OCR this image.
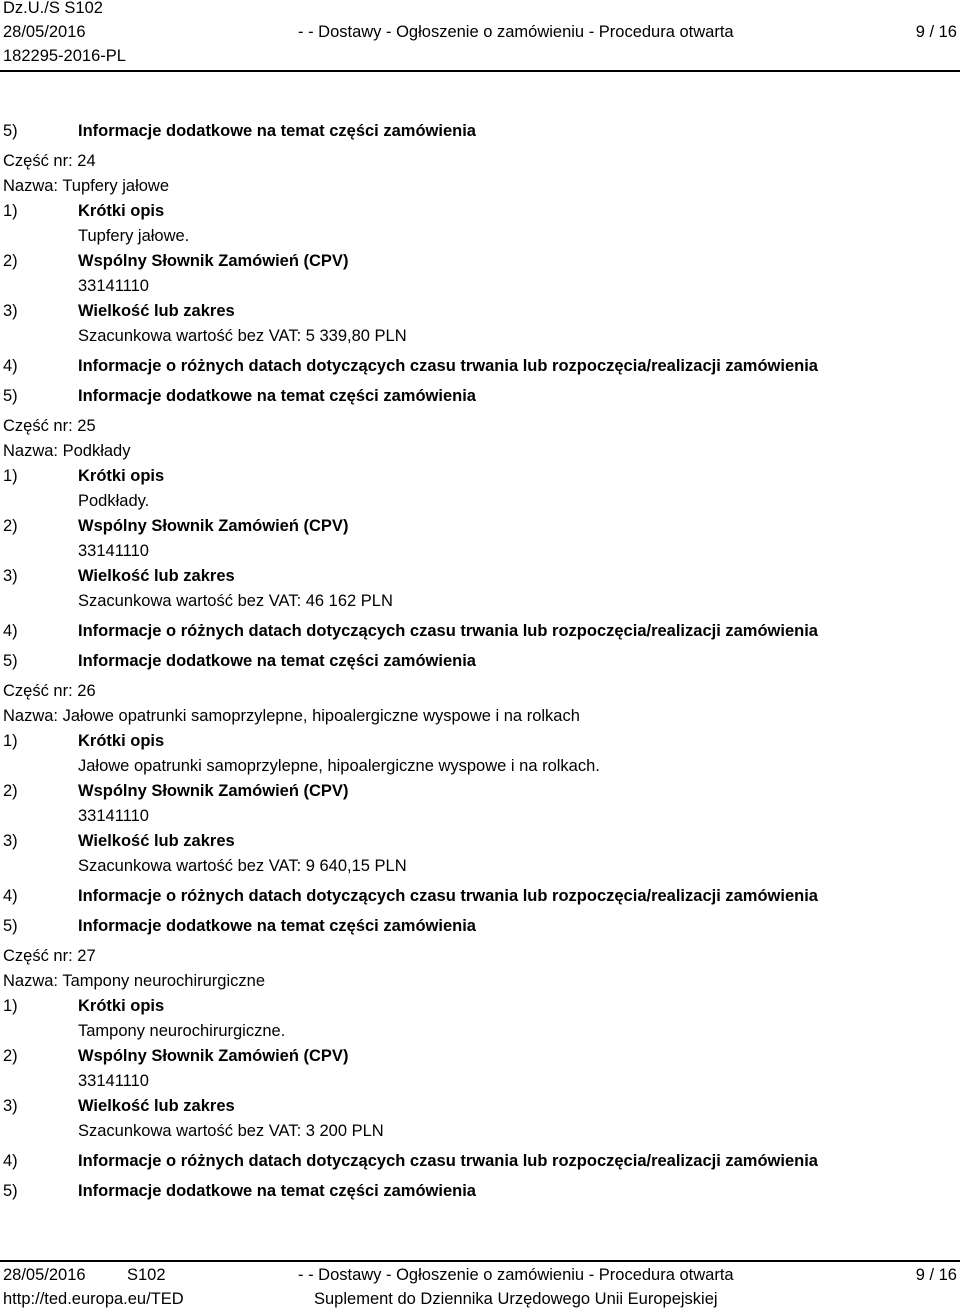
Dz.U./S S102
28/05/2016
182295-2016-PL
- - Dostawy - Ogłoszenie o zamówieniu - Procedura otwarta	9 / 16
5)	Informacje dodatkowe na temat części zamówienia
Część nr: 24
Nazwa: Tupfery jałowe
1)	Krótki opis
Tupfery jałowe.
2)	Wspólny Słownik Zamówień (CPV)
33141110
3)	Wielkość lub zakres
Szacunkowa wartość bez VAT: 5 339,80 PLN
4)	Informacje o różnych datach dotyczących czasu trwania lub rozpoczęcia/realizacji zamówienia
5)	Informacje dodatkowe na temat części zamówienia
Część nr: 25
Nazwa: Podkłady
1)	Krótki opis
Podkłady.
2)	Wspólny Słownik Zamówień (CPV)
33141110
3)	Wielkość lub zakres
Szacunkowa wartość bez VAT: 46 162 PLN
4)	Informacje o różnych datach dotyczących czasu trwania lub rozpoczęcia/realizacji zamówienia
5)	Informacje dodatkowe na temat części zamówienia
Część nr: 26
Nazwa: Jałowe opatrunki samoprzylepne, hipoalergiczne wyspowe i na rolkach
1)	Krótki opis
Jałowe opatrunki samoprzylepne, hipoalergiczne wyspowe i na rolkach.
2)	Wspólny Słownik Zamówień (CPV)
33141110
3)	Wielkość lub zakres
Szacunkowa wartość bez VAT: 9 640,15 PLN
4)	Informacje o różnych datach dotyczących czasu trwania lub rozpoczęcia/realizacji zamówienia
5)	Informacje dodatkowe na temat części zamówienia
Część nr: 27
Nazwa: Tampony neurochirurgiczne
1)	Krótki opis
Tampony neurochirurgiczne.
2)	Wspólny Słownik Zamówień (CPV)
33141110
3)	Wielkość lub zakres
Szacunkowa wartość bez VAT: 3 200 PLN
4)	Informacje o różnych datach dotyczących czasu trwania lub rozpoczęcia/realizacji zamówienia
5)	Informacje dodatkowe na temat części zamówienia
28/05/2016	S102
http://ted.europa.eu/TED
- - Dostawy - Ogłoszenie o zamówieniu - Procedura otwarta
Suplement do Dziennika Urzędowego Unii Europejskiej
9 / 16
